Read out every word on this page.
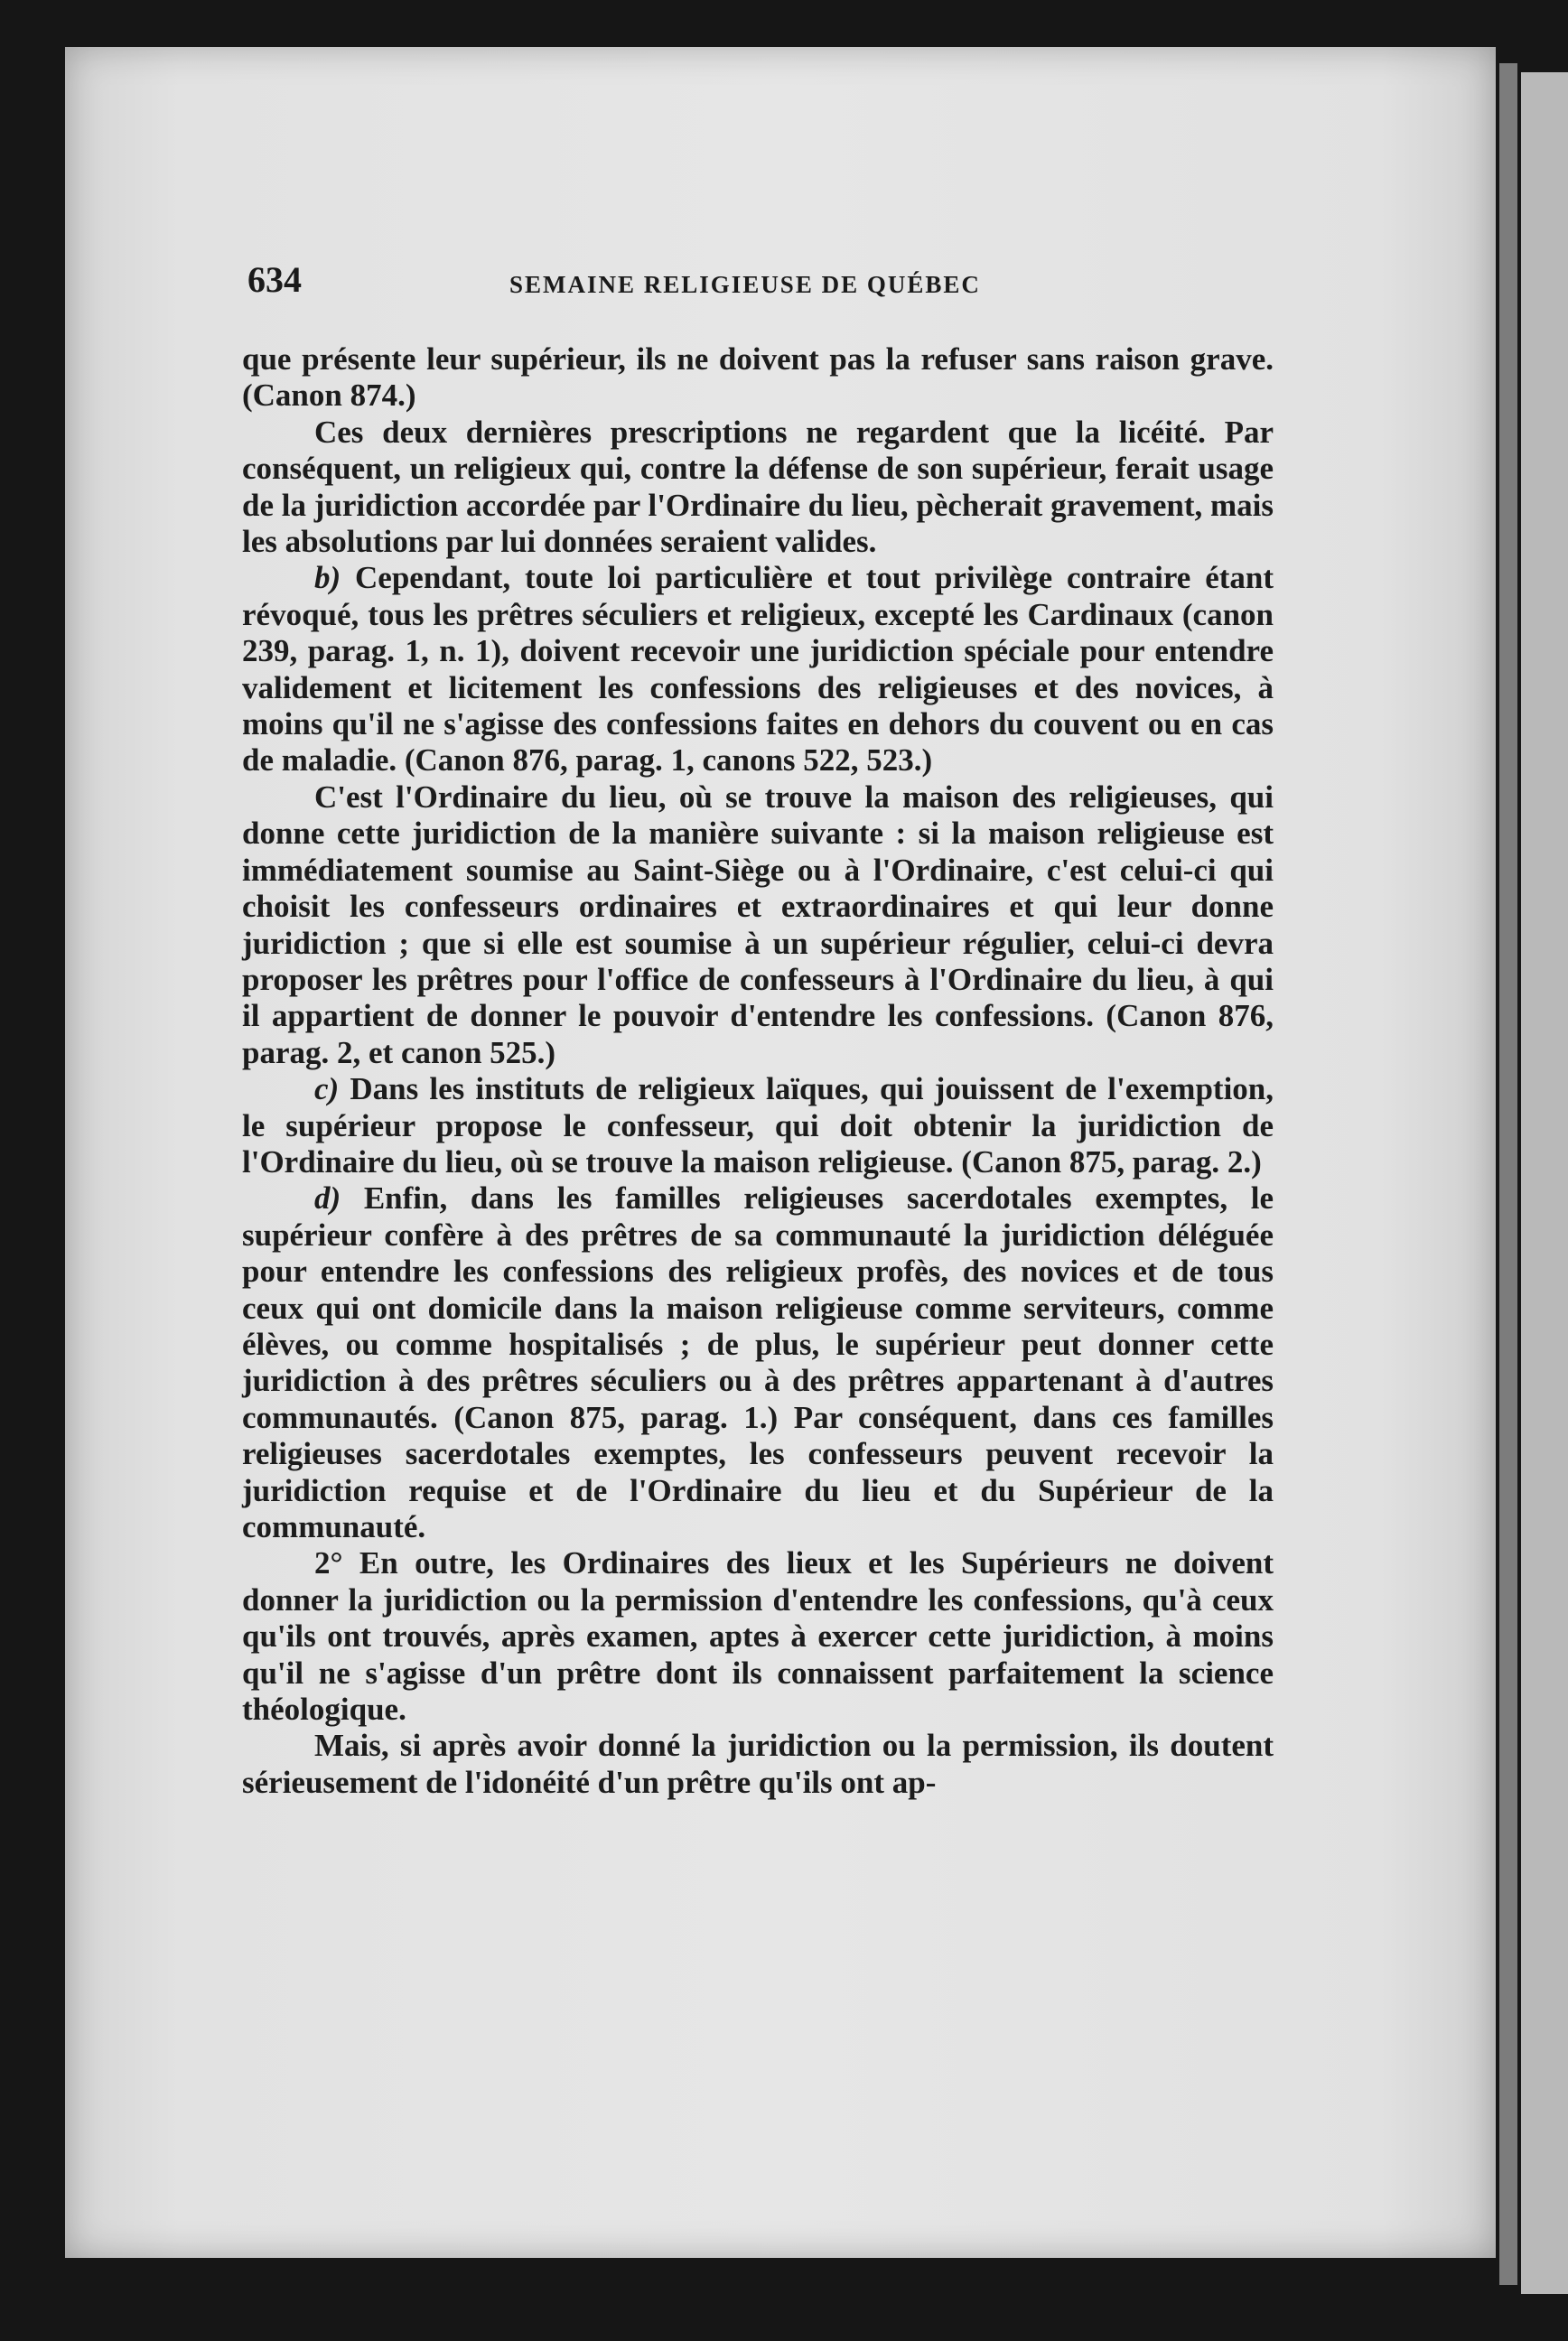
634	SEMAINE RELIGIEUSE DE QUÉBEC

que présente leur supérieur, ils ne doivent pas la refuser sans raison grave. (Canon 874.)

Ces deux dernières prescriptions ne regardent que la licéité. Par conséquent, un religieux qui, contre la défense de son supérieur, ferait usage de la juridiction accordée par l'Ordinaire du lieu, pècherait gravement, mais les absolutions par lui données seraient valides.

b) Cependant, toute loi particulière et tout privilège contraire étant révoqué, tous les prêtres séculiers et religieux, excepté les Cardinaux (canon 239, parag. 1, n. 1), doivent recevoir une juridiction spéciale pour entendre validement et licitement les confessions des religieuses et des novices, à moins qu'il ne s'agisse des confessions faites en dehors du couvent ou en cas de maladie. (Canon 876, parag. 1, canons 522, 523.)

C'est l'Ordinaire du lieu, où se trouve la maison des religieuses, qui donne cette juridiction de la manière suivante : si la maison religieuse est immédiatement soumise au Saint-Siège ou à l'Ordinaire, c'est celui-ci qui choisit les confesseurs ordinaires et extraordinaires et qui leur donne juridiction ; que si elle est soumise à un supérieur régulier, celui-ci devra proposer les prêtres pour l'office de confesseurs à l'Ordinaire du lieu, à qui il appartient de donner le pouvoir d'entendre les confessions. (Canon 876, parag. 2, et canon 525.)

c) Dans les instituts de religieux laïques, qui jouissent de l'exemption, le supérieur propose le confesseur, qui doit obtenir la juridiction de l'Ordinaire du lieu, où se trouve la maison religieuse. (Canon 875, parag. 2.)

d) Enfin, dans les familles religieuses sacerdotales exemptes, le supérieur confère à des prêtres de sa communauté la juridiction déléguée pour entendre les confessions des religieux profès, des novices et de tous ceux qui ont domicile dans la maison religieuse comme serviteurs, comme élèves, ou comme hospitalisés ; de plus, le supérieur peut donner cette juridiction à des prêtres séculiers ou à des prêtres appartenant à d'autres communautés. (Canon 875, parag. 1.) Par conséquent, dans ces familles religieuses sacerdotales exemptes, les confesseurs peuvent recevoir la juridiction requise et de l'Ordinaire du lieu et du Supérieur de la communauté.

2° En outre, les Ordinaires des lieux et les Supérieurs ne doivent donner la juridiction ou la permission d'entendre les confessions, qu'à ceux qu'ils ont trouvés, après examen, aptes à exercer cette juridiction, à moins qu'il ne s'agisse d'un prêtre dont ils connaissent parfaitement la science théologique.

Mais, si après avoir donné la juridiction ou la permission, ils doutent sérieusement de l'idonéité d'un prêtre qu'ils ont ap-
